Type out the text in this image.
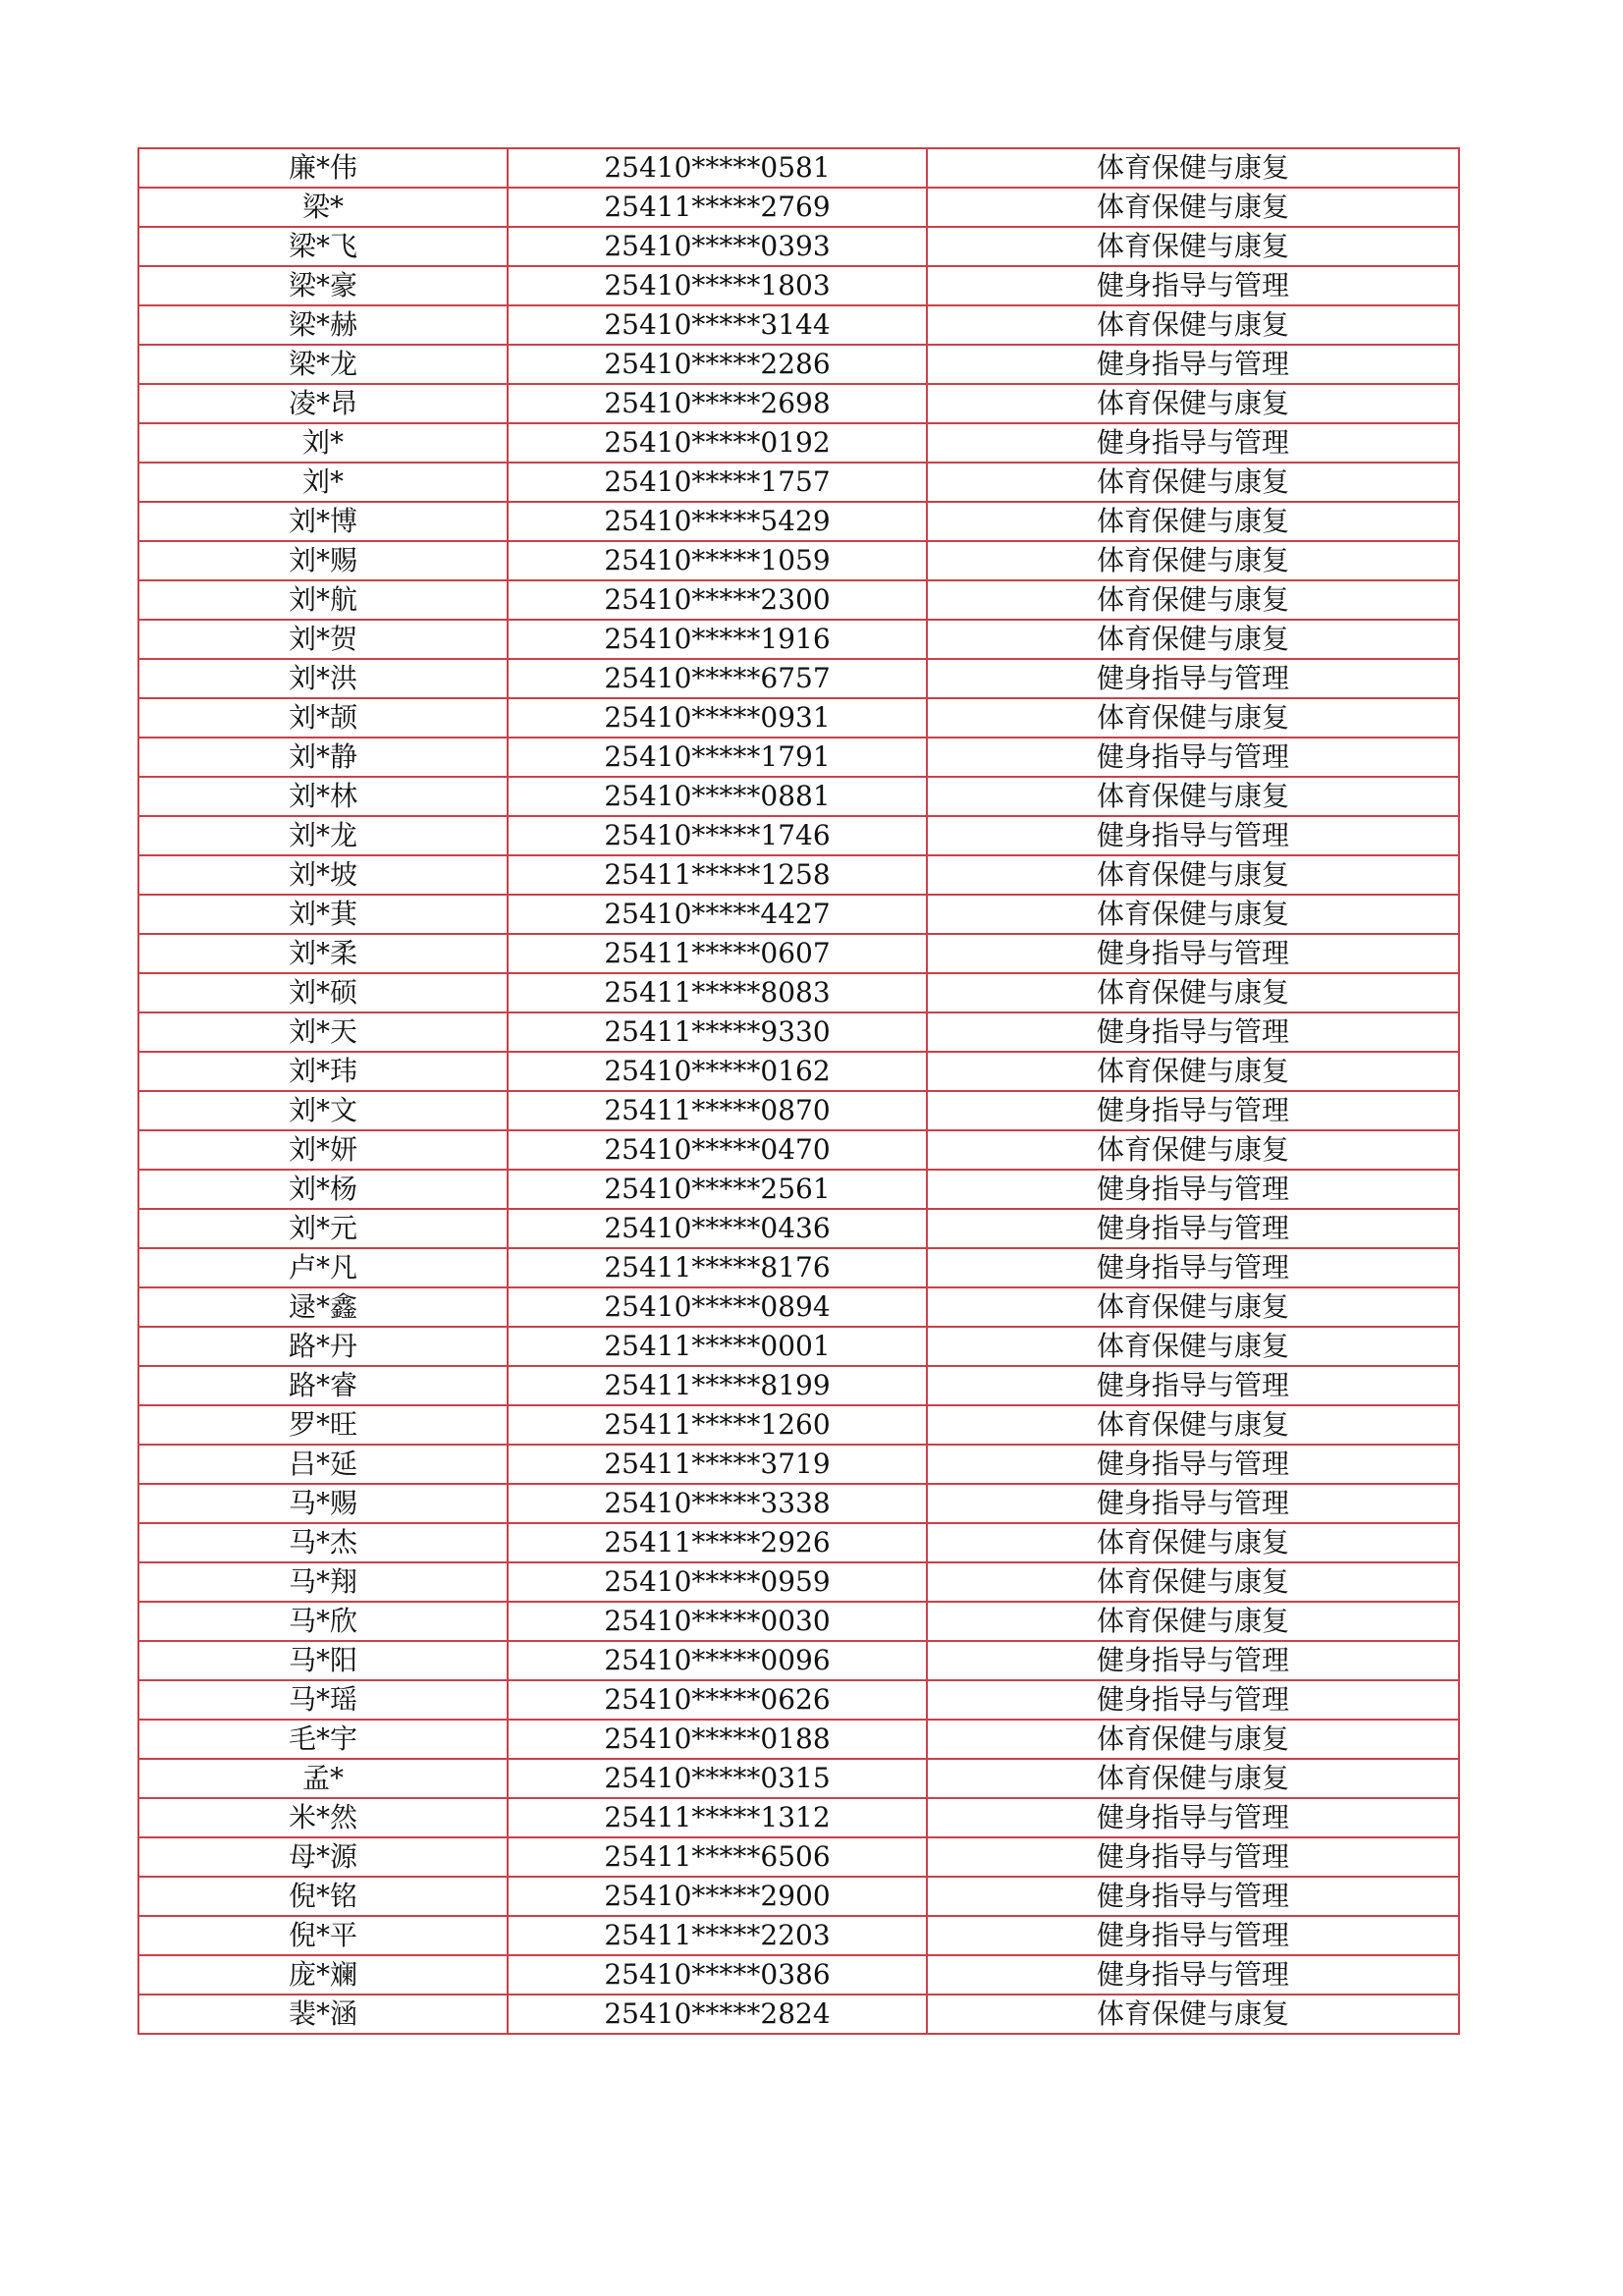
廉*伟	25410*****0581	体育保健与康复
梁*	25411*****2769	体育保健与康复
梁*飞	25410*****0393	体育保健与康复
梁*豪	25410*****1803	健身指导与管理
梁*赫	25410*****3144	体育保健与康复
梁*龙	25410*****2286	健身指导与管理
凌*昂	25410*****2698	体育保健与康复
刘*	25410*****0192	健身指导与管理
刘*	25410*****1757	体育保健与康复
刘*博	25410*****5429	体育保健与康复
刘*赐	25410*****1059	体育保健与康复
刘*航	25410*****2300	体育保健与康复
刘*贺	25410*****1916	体育保健与康复
刘*洪	25410*****6757	健身指导与管理
刘*颉	25410*****0931	体育保健与康复
刘*静	25410*****1791	健身指导与管理
刘*林	25410*****0881	体育保健与康复
刘*龙	25410*****1746	健身指导与管理
刘*坡	25411*****1258	体育保健与康复
刘*萁	25410*****4427	体育保健与康复
刘*柔	25411*****0607	健身指导与管理
刘*硕	25411*****8083	体育保健与康复
刘*天	25411*****9330	健身指导与管理
刘*玮	25410*****0162	体育保健与康复
刘*文	25411*****0870	健身指导与管理
刘*妍	25410*****0470	体育保健与康复
刘*杨	25410*****2561	健身指导与管理
刘*元	25410*****0436	健身指导与管理
卢*凡	25411*****8176	健身指导与管理
逯*鑫	25410*****0894	体育保健与康复
路*丹	25411*****0001	体育保健与康复
路*睿	25411*****8199	健身指导与管理
罗*旺	25411*****1260	体育保健与康复
吕*延	25411*****3719	健身指导与管理
马*赐	25410*****3338	健身指导与管理
马*杰	25411*****2926	体育保健与康复
马*翔	25410*****0959	体育保健与康复
马*欣	25410*****0030	体育保健与康复
马*阳	25410*****0096	健身指导与管理
马*瑶	25410*****0626	健身指导与管理
毛*宇	25410*****0188	体育保健与康复
孟*	25410*****0315	体育保健与康复
米*然	25411*****1312	健身指导与管理
母*源	25411*****6506	健身指导与管理
倪*铭	25410*****2900	健身指导与管理
倪*平	25411*****2203	健身指导与管理
庞*斓	25410*****0386	健身指导与管理
裴*涵	25410*****2824	体育保健与康复
